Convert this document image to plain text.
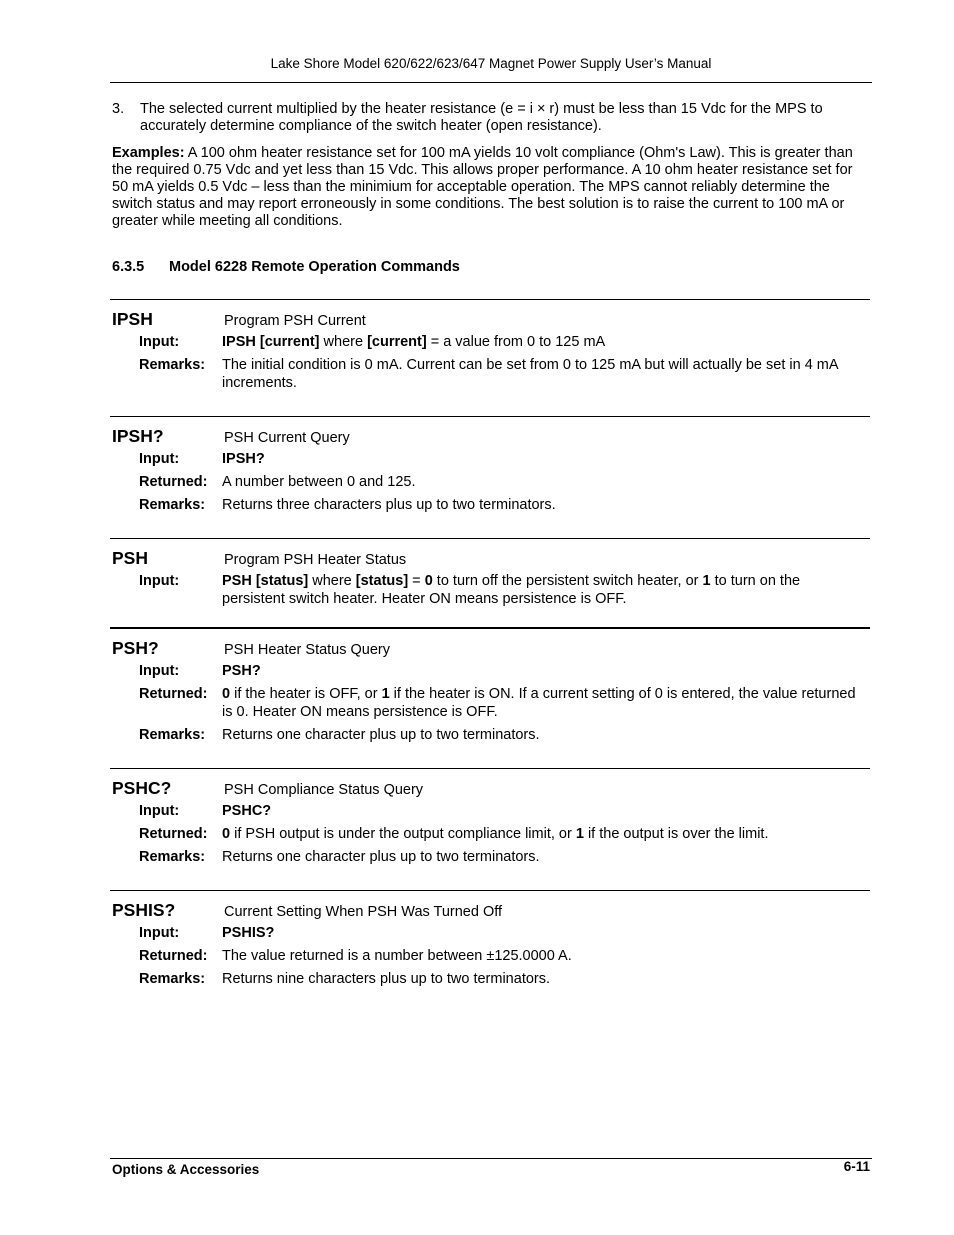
Lake Shore Model 620/622/623/647 Magnet Power Supply User’s Manual
3.	The selected current multiplied by the heater resistance (e = i × r) must be less than 15 Vdc for the MPS to accurately determine compliance of the switch heater (open resistance).
Examples: A 100 ohm heater resistance set for 100 mA yields 10 volt compliance (Ohm's Law). This is greater than the required 0.75 Vdc and yet less than 15 Vdc. This allows proper performance. A 10 ohm heater resistance set for 50 mA yields 0.5 Vdc – less than the minimium for acceptable operation. The MPS cannot reliably determine the switch status and may report erroneously in some conditions. The best solution is to raise the current to 100 mA or greater while meeting all conditions.
6.3.5	Model 6228 Remote Operation Commands
IPSH	Program PSH Current
Input:	IPSH [current] where [current] = a value from 0 to 125 mA
Remarks:	The initial condition is 0 mA. Current can be set from 0 to 125 mA but will actually be set in 4 mA increments.
IPSH?	PSH Current Query
Input:	IPSH?
Returned:	A number between 0 and 125.
Remarks:	Returns three characters plus up to two terminators.
PSH	Program PSH Heater Status
Input:	PSH [status] where [status] = 0 to turn off the persistent switch heater, or 1 to turn on the persistent switch heater. Heater ON means persistence is OFF.
PSH?	PSH Heater Status Query
Input:	PSH?
Returned:	0 if the heater is OFF, or 1 if the heater is ON. If a current setting of 0 is entered, the value returned is 0. Heater ON means persistence is OFF.
Remarks:	Returns one character plus up to two terminators.
PSHC?	PSH Compliance Status Query
Input:	PSHC?
Returned:	0 if PSH output is under the output compliance limit, or 1 if the output is over the limit.
Remarks:	Returns one character plus up to two terminators.
PSHIS?	Current Setting When PSH Was Turned Off
Input:	PSHIS?
Returned:	The value returned is a number between ±125.0000 A.
Remarks:	Returns nine characters plus up to two terminators.
Options & Accessories	6-11
